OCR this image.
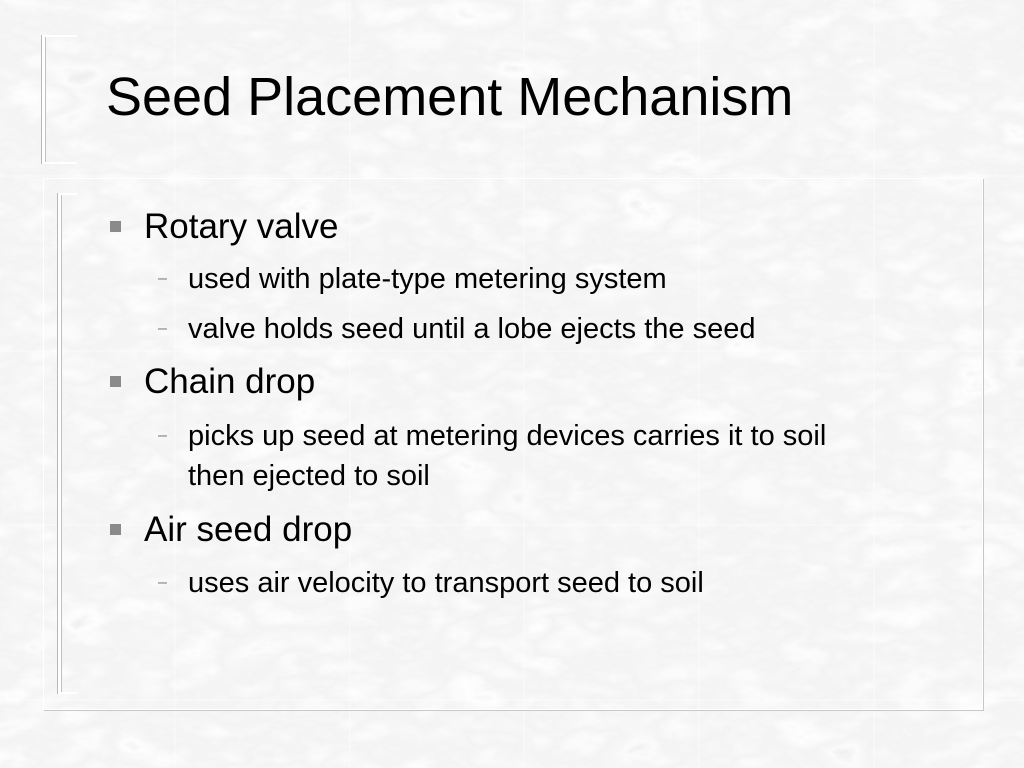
Seed Placement Mechanism
Rotary valve
– used with plate-type metering system
– valve holds seed until a lobe ejects the seed
Chain drop
– picks up seed at metering devices carries it to soil
then ejected to soil
Air seed drop
– uses air velocity to transport seed to soil
